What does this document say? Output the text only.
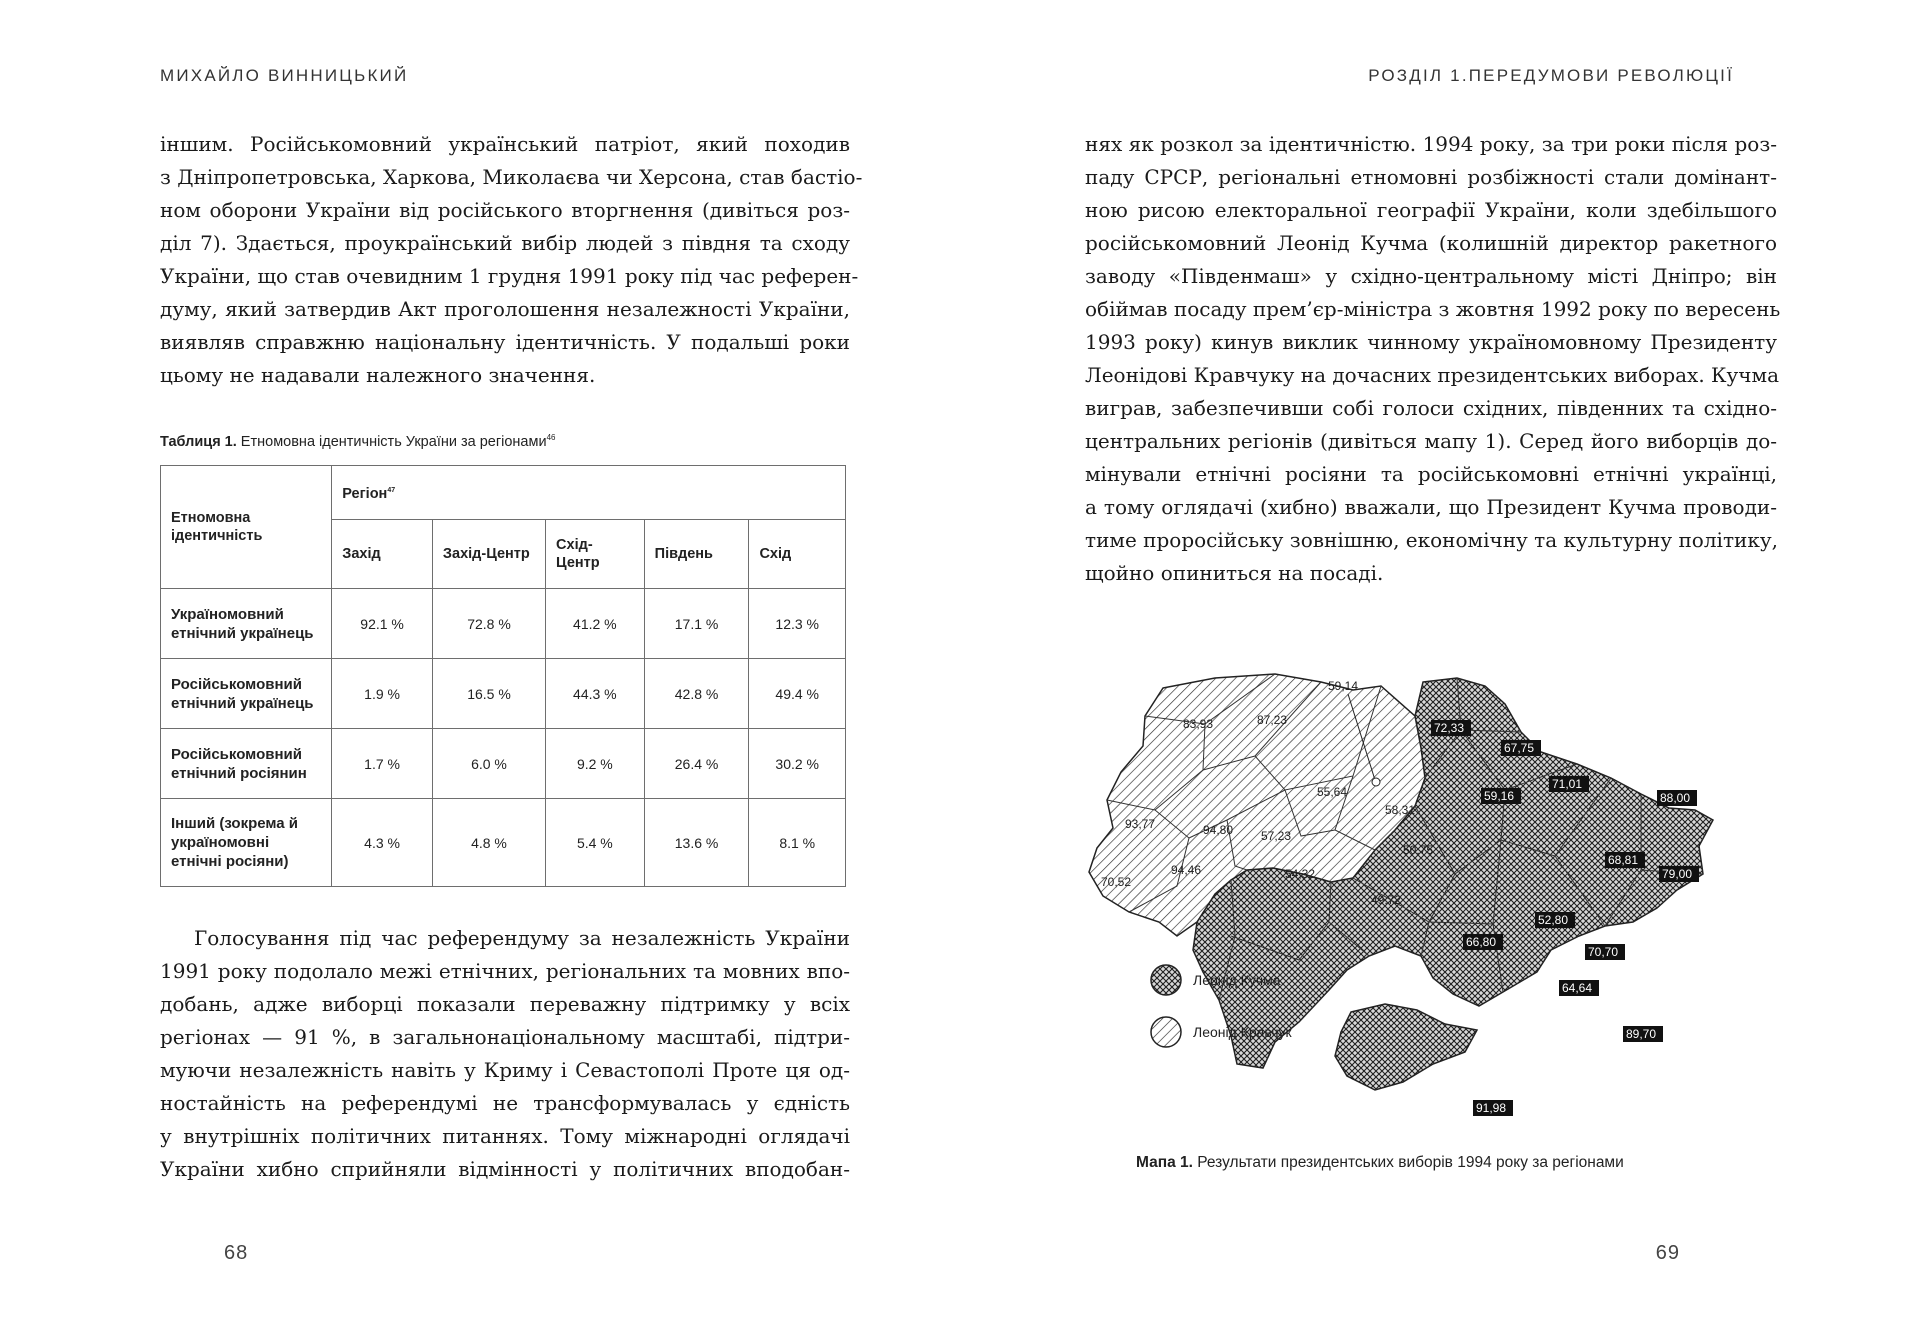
МИХАЙЛО ВИННИЦЬКИЙ
іншим. Російськомовний український патріот, який походив
з Дніпропетровська, Харкова, Миколаєва чи Херсона, став бастіо-
ном оборони України від російського вторгнення (дивіться роз-
діл 7). Здається, проукраїнський вибір людей з півдня та сходу
України, що став очевидним 1 грудня 1991 року під час референ-
думу, який затвердив Акт проголошення незалежності України,
виявляв справжню національну ідентичність. У подальші роки
цьому не надавали належного значення.
Таблиця 1. Етномовна ідентичність України за регіонами$^{46}$
Етномовна ідентичність	Регіон$^{47}$
	Захід	Захід-Центр	Схід-Центр	Південь	Схід
Україномовний етнічний українець	92.1 %	72.8 %	41.2 %	17.1 %	12.3 %
Російськомовний етнічний українець	1.9 %	16.5 %	44.3 %	42.8 %	49.4 %
Російськомовний етнічний росіянин	1.7 %	6.0 %	9.2 %	26.4 %	30.2 %
Інший (зокрема й україномовні етнічні росіяни)	4.3 %	4.8 %	5.4 %	13.6 %	8.1 %
Голосування під час референдуму за незалежність України
1991 року подолало межі етнічних, регіональних та мовних впо-
добань, адже виборці показали переважну підтримку у всіх
регіонах — 91 %, в загальнонаціональному масштабі, підтри-
муючи незалежність навіть у Криму і Севастополі Проте ця од-
ностайність на референдумі не трансформувалась у єдність
у внутрішніх політичних питаннях. Тому міжнародні оглядачі
України хибно сприйняли відмінності у політичних вподобан-
68
РОЗДІЛ 1.ПЕРЕДУМОВИ РЕВОЛЮЦІЇ
нях як розкол за ідентичністю. 1994 року, за три роки після роз-
паду СРСР, регіональні етномовні розбіжності стали домінант-
ною рисою електоральної географії України, коли здебільшого
російськомовний Леонід Кучма (колишній директор ракетного
заводу «Південмаш» у східно-центральному місті Дніпро; він
обіймав посаду прем’єр-міністра з жовтня 1992 року по вересень
1993 року) кинув виклик чинному україномовному Президенту
Леонідові Кравчуку на дочасних президентських виборах. Кучма
виграв, забезпечивши собі голоси східних, південних та східно-
центральних регіонів (дивіться мапу 1). Серед його виборців до-
мінували етнічні росіяни та російськомовні етнічні українці,
а тому оглядачі (хибно) вважали, що Президент Кучма проводи-
тиме проросійську зовнішню, економічну та культурну політику,
щойно опиниться на посаді.
69
59,14
83,93	87,23
55,64
58,31
93,77	94,80 57,23
50,75
94,46	54,32
70,52
49,72
72,33
67,75
59,16
71,01
88,00
68,81
79,00
66,80
52,80
70,70
64,64
89,70
91,98
Леонід Кучма
Леонід Кравчук
Мапа 1. Результати президентських виборів 1994 року за регіонами
